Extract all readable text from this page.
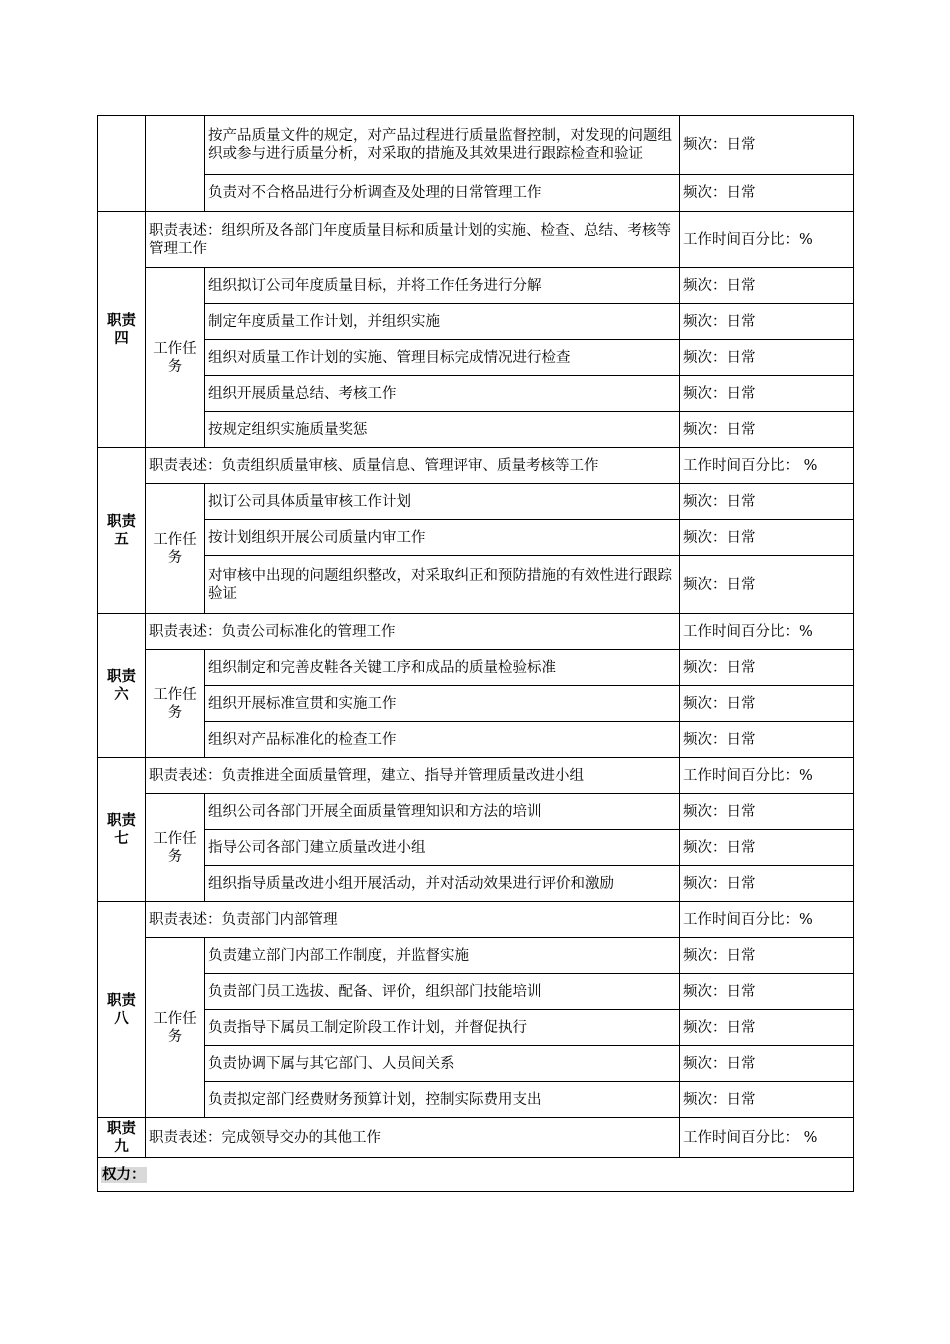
		按产品质量文件的规定，对产品过程进行质量监督控制，对发现的问题组织或参与进行质量分析，对采取的措施及其效果进行跟踪检查和验证	频次：日常
		负责对不合格品进行分析调查及处理的日常管理工作	频次：日常
职责四	职责表述：组织所及各部门年度质量目标和质量计划的实施、检查、总结、考核等管理工作		工作时间百分比：%
	工作任务	组织拟订公司年度质量目标，并将工作任务进行分解	频次：日常
		制定年度质量工作计划，并组织实施	频次：日常
		组织对质量工作计划的实施、管理目标完成情况进行检查	频次：日常
		组织开展质量总结、考核工作	频次：日常
		按规定组织实施质量奖惩	频次：日常
职责五	职责表述：负责组织质量审核、质量信息、管理评审、质量考核等工作		工作时间百分比： %
	工作任务	拟订公司具体质量审核工作计划	频次：日常
		按计划组织开展公司质量内审工作	频次：日常
		对审核中出现的问题组织整改，对采取纠正和预防措施的有效性进行跟踪验证	频次：日常
职责六	职责表述：负责公司标准化的管理工作		工作时间百分比：%
	工作任务	组织制定和完善皮鞋各关键工序和成品的质量检验标准	频次：日常
		组织开展标准宣贯和实施工作	频次：日常
		组织对产品标准化的检查工作	频次：日常
职责七	职责表述：负责推进全面质量管理，建立、指导并管理质量改进小组		工作时间百分比：%
	工作任务	组织公司各部门开展全面质量管理知识和方法的培训	频次：日常
		指导公司各部门建立质量改进小组	频次：日常
		组织指导质量改进小组开展活动，并对活动效果进行评价和激励	频次：日常
职责八	职责表述：负责部门内部管理		工作时间百分比：%
	工作任务	负责建立部门内部工作制度，并监督实施	频次：日常
		负责部门员工选拔、配备、评价，组织部门技能培训	频次：日常
		负责指导下属员工制定阶段工作计划，并督促执行	频次：日常
		负责协调下属与其它部门、人员间关系	频次：日常
		负责拟定部门经费财务预算计划，控制实际费用支出	频次：日常
职责九	职责表述：完成领导交办的其他工作		工作时间百分比： %
权力：			
